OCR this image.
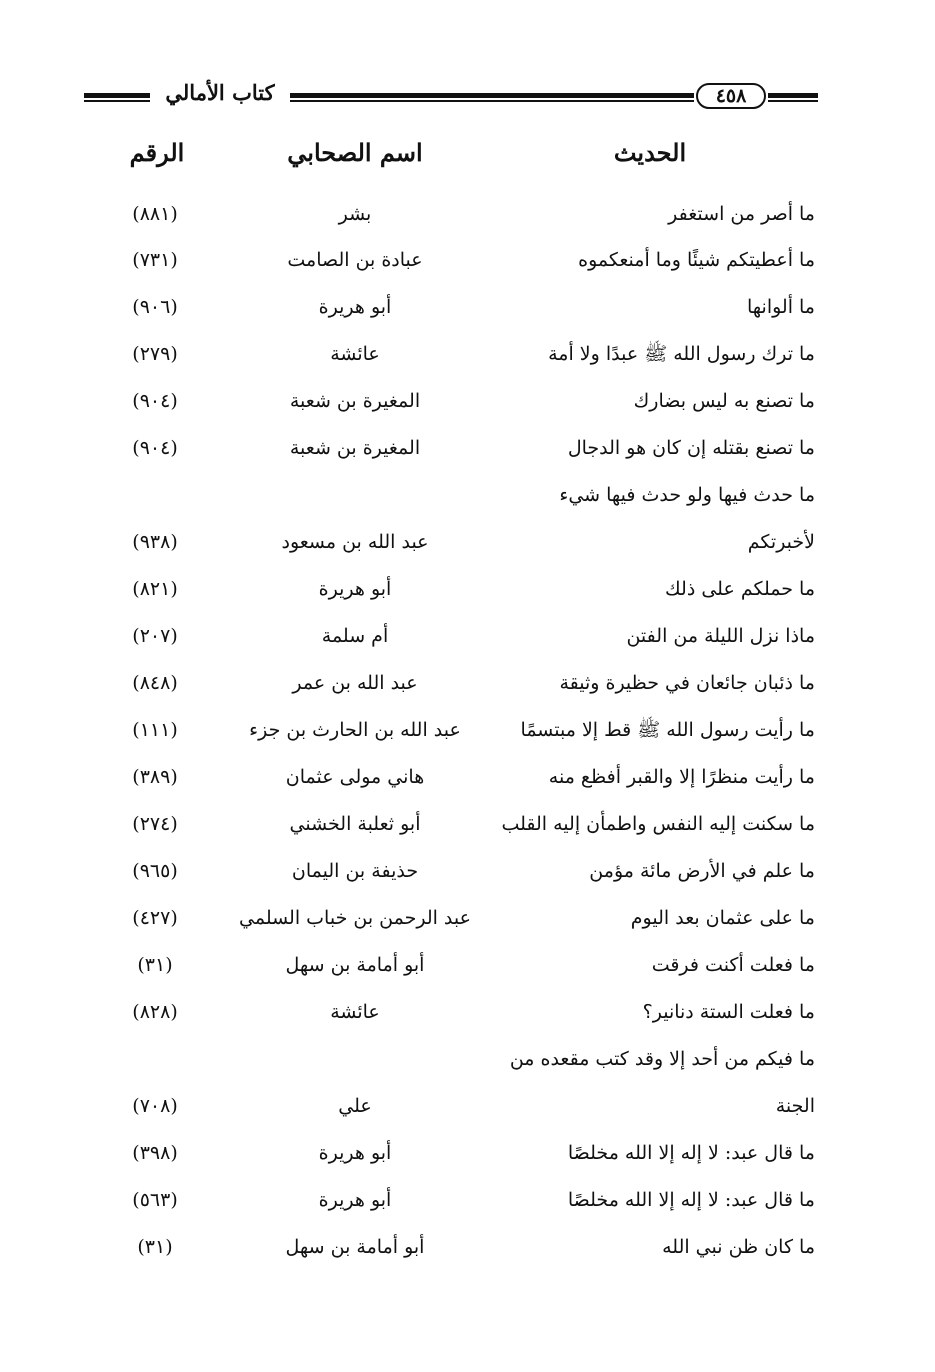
كتاب الأمالي	٤٥٨
الحديث
اسم الصحابي
الرقم
ما أصر من استغفر
بشر
(٨٨١)
ما أعطيتكم شيئًا وما أمنعكموه
عبادة بن الصامت
(٧٣١)
ما ألوانها
أبو هريرة
(٩٠٦)
ما ترك رسول الله ﷺ عبدًا ولا أمة
عائشة
(٢٧٩)
ما تصنع به ليس بضارك
المغيرة بن شعبة
(٩٠٤)
ما تصنع بقتله إن كان هو الدجال
المغيرة بن شعبة
(٩٠٤)
ما حدث فيها ولو حدث فيها شيء
لأخبرتكم
عبد الله بن مسعود
(٩٣٨)
ما حملكم على ذلك
أبو هريرة
(٨٢١)
ماذا نزل الليلة من الفتن
أم سلمة
(٢٠٧)
ما ذئبان جائعان في حظيرة وثيقة
عبد الله بن عمر
(٨٤٨)
ما رأيت رسول الله ﷺ قط إلا مبتسمًا
عبد الله بن الحارث بن جزء
(١١١)
ما رأيت منظرًا إلا والقبر أفظع منه
هاني مولى عثمان
(٣٨٩)
ما سكنت إليه النفس واطمأن إليه القلب
أبو ثعلبة الخشني
(٢٧٤)
ما علم في الأرض مائة مؤمن
حذيفة بن اليمان
(٩٦٥)
ما على عثمان بعد اليوم
عبد الرحمن بن خباب السلمي
(٤٢٧)
ما فعلت أكنت فرقت
أبو أمامة بن سهل
(٣١)
ما فعلت الستة دنانير؟
عائشة
(٨٢٨)
ما فيكم من أحد إلا وقد كتب مقعده من
الجنة
علي
(٧٠٨)
ما قال عبد: لا إله إلا الله مخلصًا
أبو هريرة
(٣٩٨)
ما قال عبد: لا إله إلا الله مخلصًا
أبو هريرة
(٥٦٣)
ما كان ظن نبي الله
أبو أمامة بن سهل
(٣١)
